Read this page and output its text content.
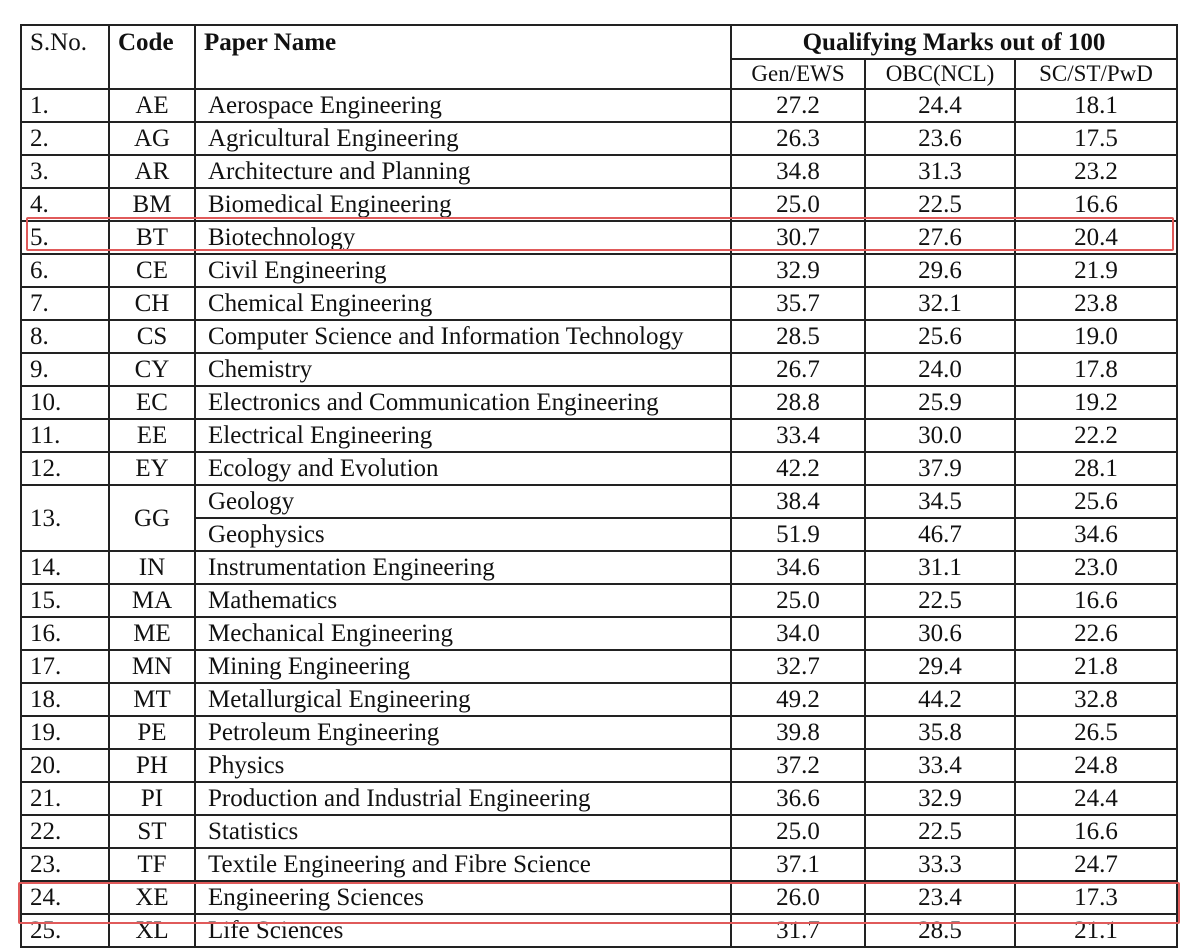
S.No.	Code	Paper Name	Qualifying Marks out of 100		
			Gen/EWS	OBC(NCL)	SC/ST/PwD
1.	AE	Aerospace Engineering	27.2	24.4	18.1
2.	AG	Agricultural Engineering	26.3	23.6	17.5
3.	AR	Architecture and Planning	34.8	31.3	23.2
4.	BM	Biomedical Engineering	25.0	22.5	16.6
5.	BT	Biotechnology	30.7	27.6	20.4
6.	CE	Civil Engineering	32.9	29.6	21.9
7.	CH	Chemical Engineering	35.7	32.1	23.8
8.	CS	Computer Science and Information Technology	28.5	25.6	19.0
9.	CY	Chemistry	26.7	24.0	17.8
10.	EC	Electronics and Communication Engineering	28.8	25.9	19.2
11.	EE	Electrical Engineering	33.4	30.0	22.2
12.	EY	Ecology and Evolution	42.2	37.9	28.1
13.	GG	Geology	38.4	34.5	25.6
		Geophysics	51.9	46.7	34.6
14.	IN	Instrumentation Engineering	34.6	31.1	23.0
15.	MA	Mathematics	25.0	22.5	16.6
16.	ME	Mechanical Engineering	34.0	30.6	22.6
17.	MN	Mining Engineering	32.7	29.4	21.8
18.	MT	Metallurgical Engineering	49.2	44.2	32.8
19.	PE	Petroleum Engineering	39.8	35.8	26.5
20.	PH	Physics	37.2	33.4	24.8
21.	PI	Production and Industrial Engineering	36.6	32.9	24.4
22.	ST	Statistics	25.0	22.5	16.6
23.	TF	Textile Engineering and Fibre Science	37.1	33.3	24.7
24.	XE	Engineering Sciences	26.0	23.4	17.3
25.	XL	Life Sciences	31.7	28.5	21.1
